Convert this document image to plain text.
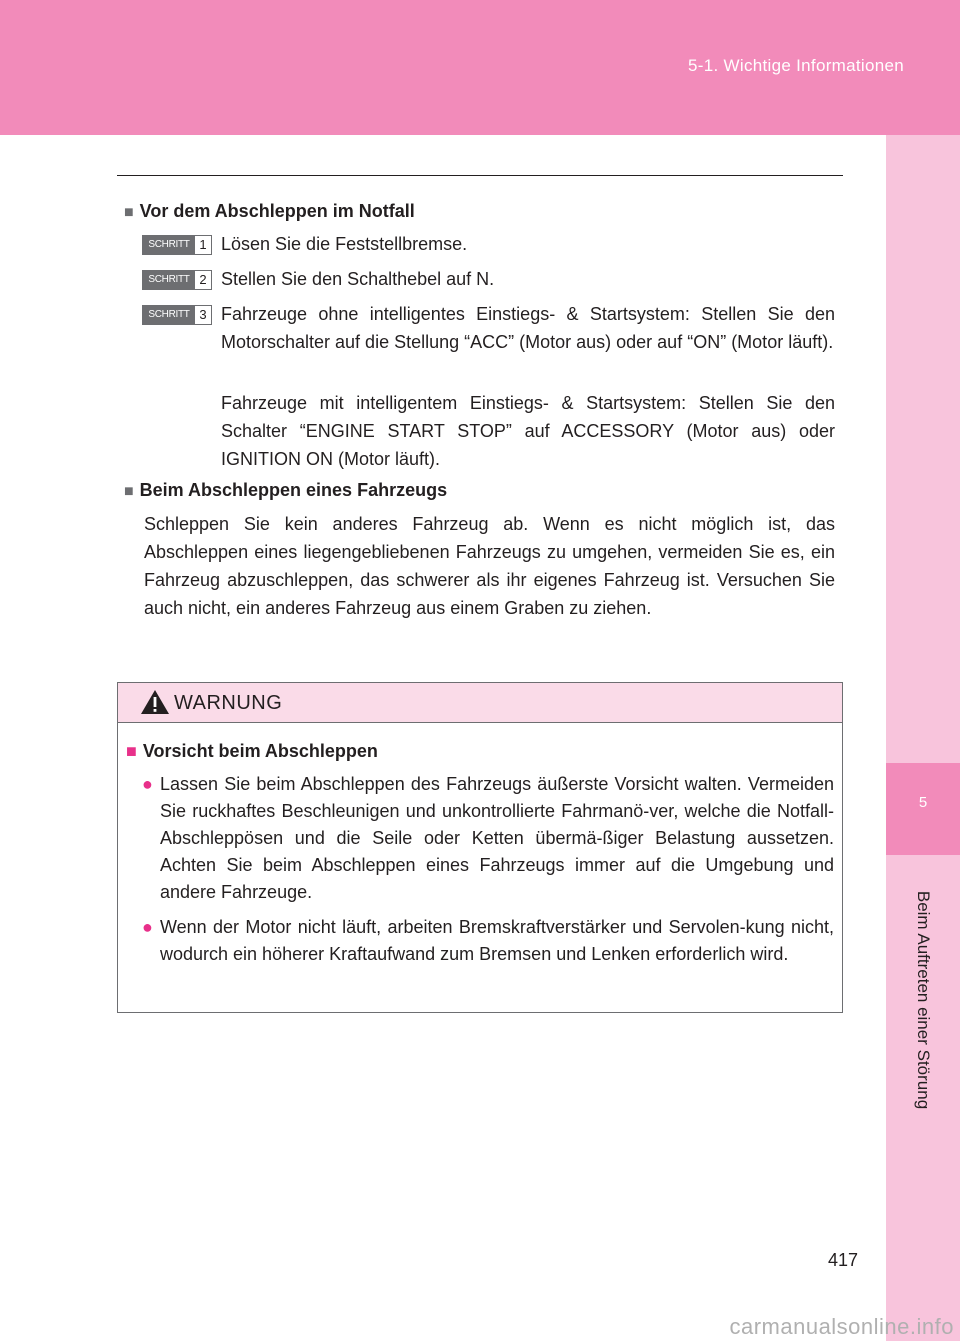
5-1. Wichtige Informationen
5
Beim Auftreten einer Störung
■ Vor dem Abschleppen im Notfall
SCHRITT 1 Lösen Sie die Feststellbremse.

SCHRITT 2 Stellen Sie den Schalthebel auf N.

SCHRITT 3 Fahrzeuge ohne intelligentes Einstiegs- & Startsystem: Stellen Sie den Motorschalter auf die Stellung “ACC” (Motor aus) oder auf “ON” (Motor läuft).

Fahrzeuge mit intelligentem Einstiegs- & Startsystem: Stellen Sie den Schalter “ENGINE START STOP” auf ACCESSORY (Motor aus) oder IGNITION ON (Motor läuft).

■ Beim Abschleppen eines Fahrzeugs

Schleppen Sie kein anderes Fahrzeug ab. Wenn es nicht möglich ist, das Abschleppen eines liegengebliebenen Fahrzeugs zu umgehen, vermeiden Sie es, ein Fahrzeug abzuschleppen, das schwerer als ihr eigenes Fahrzeug ist. Versuchen Sie auch nicht, ein anderes Fahrzeug aus einem Graben zu ziehen.

WARNUNG
■ Vorsicht beim Abschleppen
● Lassen Sie beim Abschleppen des Fahrzeugs äußerste Vorsicht walten. Vermeiden Sie ruckhaftes Beschleunigen und unkontrollierte Fahrmanö-ver, welche die Notfall-Abschleppösen und die Seile oder Ketten übermä-ßiger Belastung aussetzen. Achten Sie beim Abschleppen eines Fahrzeugs immer auf die Umgebung und andere Fahrzeuge.

● Wenn der Motor nicht läuft, arbeiten Bremskraftverstärker und Servolen-kung nicht, wodurch ein höherer Kraftaufwand zum Bremsen und Lenken erforderlich wird.

417
carmanualsonline.info
